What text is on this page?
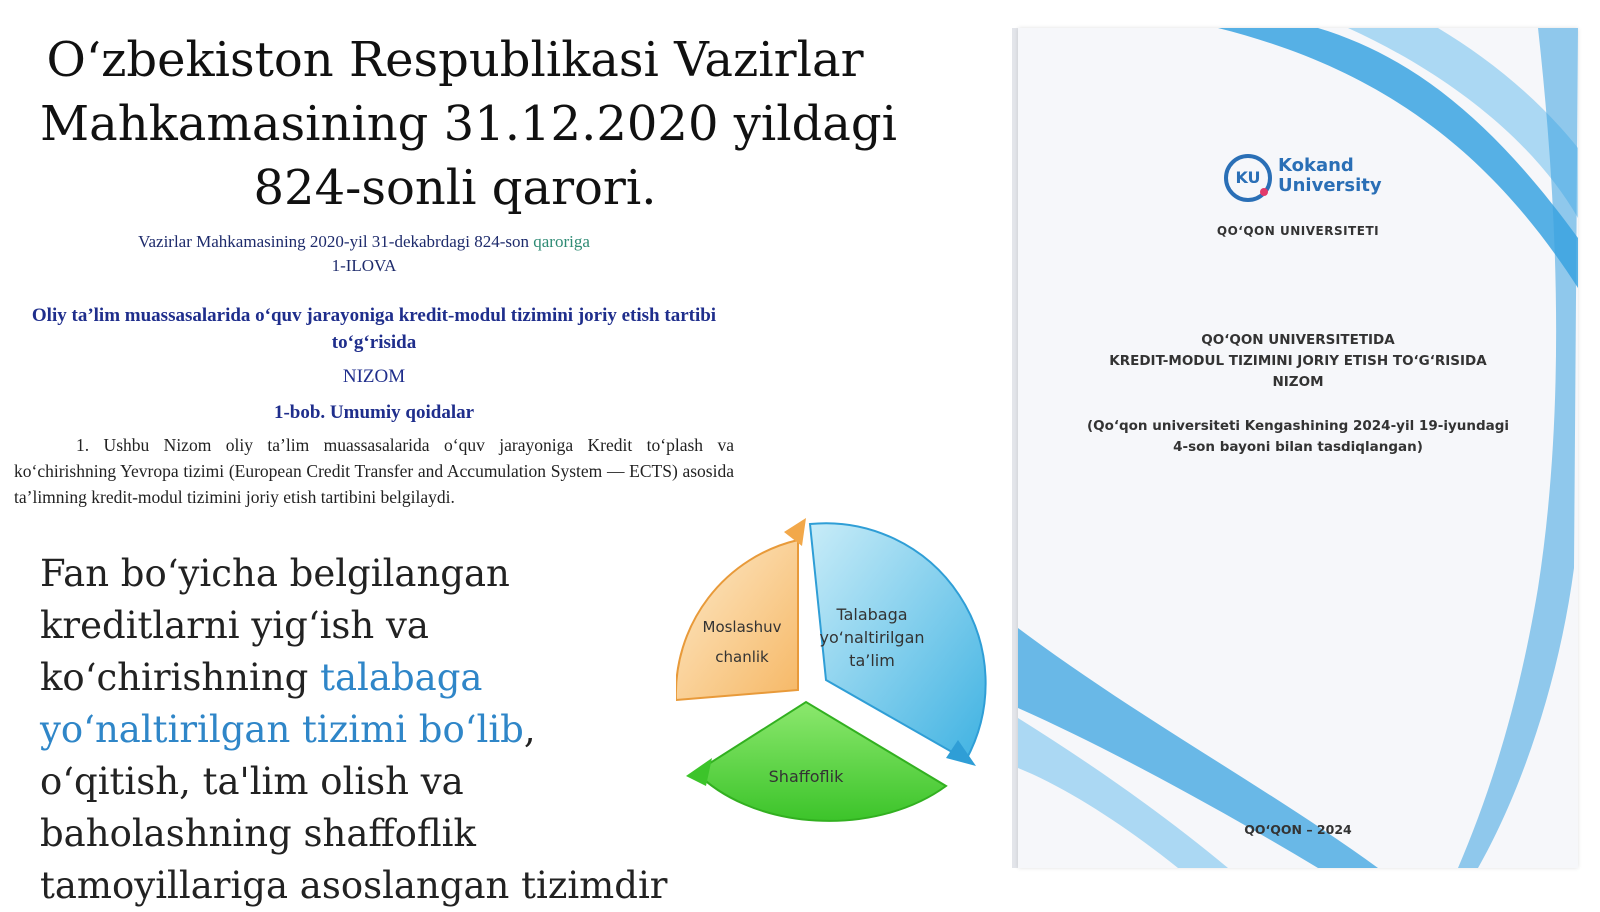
O‘zbekiston Respublikasi Vazirlar
Mahkamasining 31.12.2020 yildagi
824-sonli qarori.
Vazirlar Mahkamasining 2020-yil 31-dekabrdagi 824-son qaroriga
1-ILOVA
Oliy ta’lim muassasalarida o‘quv jarayoniga kredit-modul tizimini joriy etish tartibi
to‘g‘risida
NIZOM
1-bob. Umumiy qoidalar
1. Ushbu Nizom oliy ta’lim muassasalarida o‘quv jarayoniga Kredit to‘plash va ko‘chirishning Yevropa tizimi (European Credit Transfer and Accumulation System — ECTS) asosida ta’limning kredit-modul tizimini joriy etish tartibini belgilaydi.
Fan bo‘yicha belgilangan kreditlarni yig‘ish va ko‘chirishning talabaga yo‘naltirilgan tizimi bo‘lib, o‘qitish, ta'lim olish va baholashning shaffoflik tamoyillariga asoslangan tizimdir
Moslashuv
chanlik
Talabaga
yo‘naltirilgan
ta’lim
Shaffoflik
KU
Kokand
University
QO‘QON UNIVERSITETI
QO‘QON UNIVERSITETIDA
KREDIT-MODUL TIZIMINI JORIY ETISH TO‘G‘RISIDA
NIZOM
(Qo‘qon universiteti Kengashining 2024-yil 19-iyundagi
4-son bayoni bilan tasdiqlangan)
QO‘QON – 2024
